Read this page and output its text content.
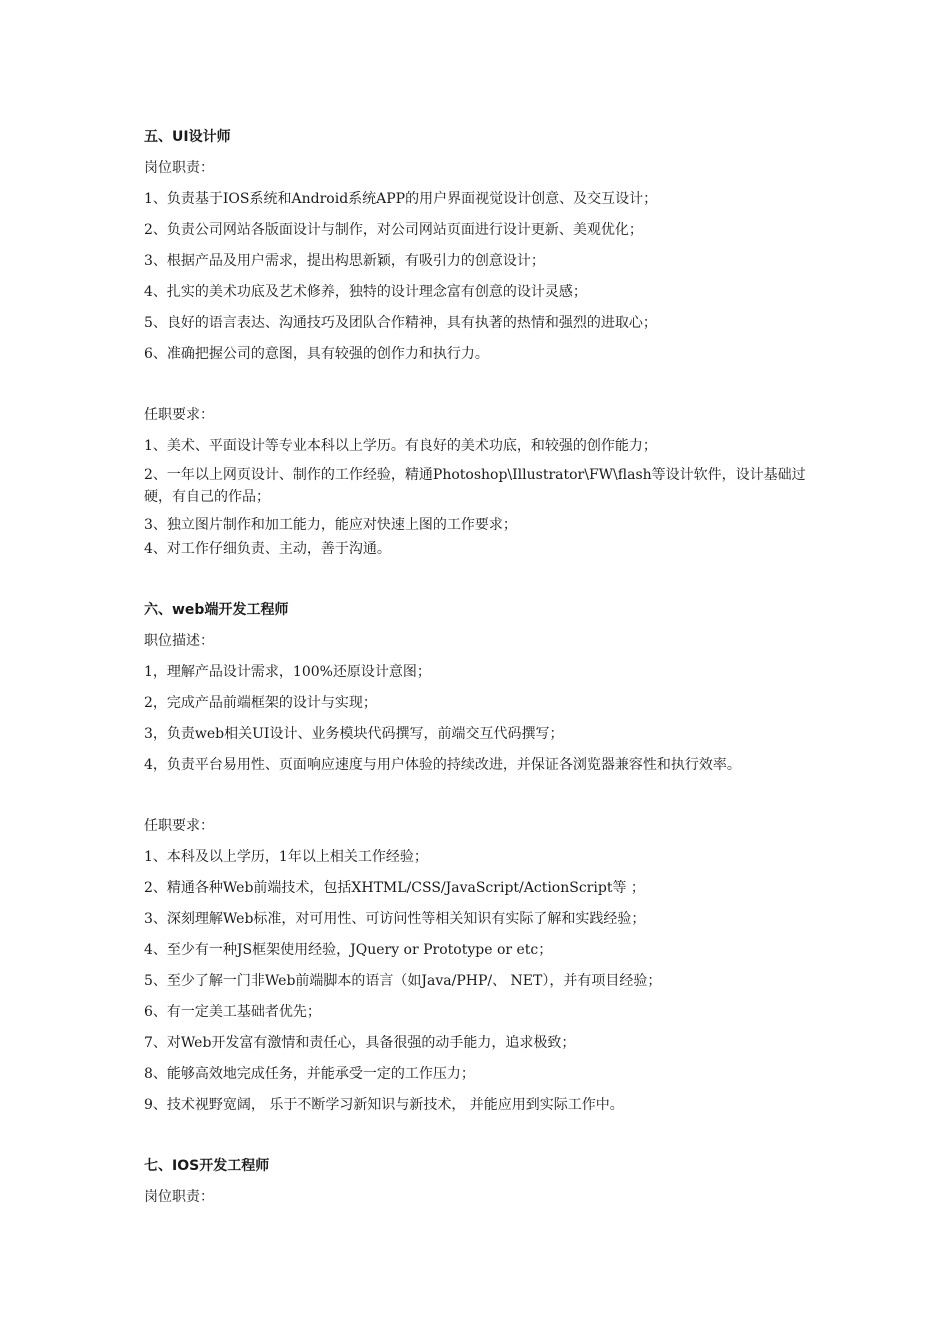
五、UI设计师
岗位职责：
1、负责基于IOS系统和Android系统APP的用户界面视觉设计创意、及交互设计；
2、负责公司网站各版面设计与制作，对公司网站页面进行设计更新、美观优化；
3、根据产品及用户需求，提出构思新颖，有吸引力的创意设计；
4、扎实的美术功底及艺术修养，独特的设计理念富有创意的设计灵感；
5、良好的语言表达、沟通技巧及团队合作精神，具有执著的热情和强烈的进取心；
6、准确把握公司的意图，具有较强的创作力和执行力。
任职要求：
1、美术、平面设计等专业本科以上学历。有良好的美术功底，和较强的创作能力；
2、一年以上网页设计、制作的工作经验，精通Photoshop\Illustrator\FW\flash等设计软件，设计基础过硬，有自己的作品；
3、独立图片制作和加工能力，能应对快速上图的工作要求；
4、对工作仔细负责、主动，善于沟通。
六、web端开发工程师
职位描述：
1，理解产品设计需求，100%还原设计意图；
2，完成产品前端框架的设计与实现；
3，负责web相关UI设计、业务模块代码撰写，前端交互代码撰写；
4，负责平台易用性、页面响应速度与用户体验的持续改进，并保证各浏览器兼容性和执行效率。
任职要求：
1、本科及以上学历，1年以上相关工作经验；
2、精通各种Web前端技术，包括XHTML/CSS/JavaScript/ActionScript等 ；
3、深刻理解Web标准，对可用性、可访问性等相关知识有实际了解和实践经验；
4、至少有一种JS框架使用经验，JQuery or Prototype or etc；
5、至少了解一门非Web前端脚本的语言（如Java/PHP/、 NET），并有项目经验；
6、有一定美工基础者优先；
7、对Web开发富有激情和责任心，具备很强的动手能力，追求极致；
8、能够高效地完成任务，并能承受一定的工作压力；
9、技术视野宽阔， 乐于不断学习新知识与新技术， 并能应用到实际工作中。
七、IOS开发工程师
岗位职责：
